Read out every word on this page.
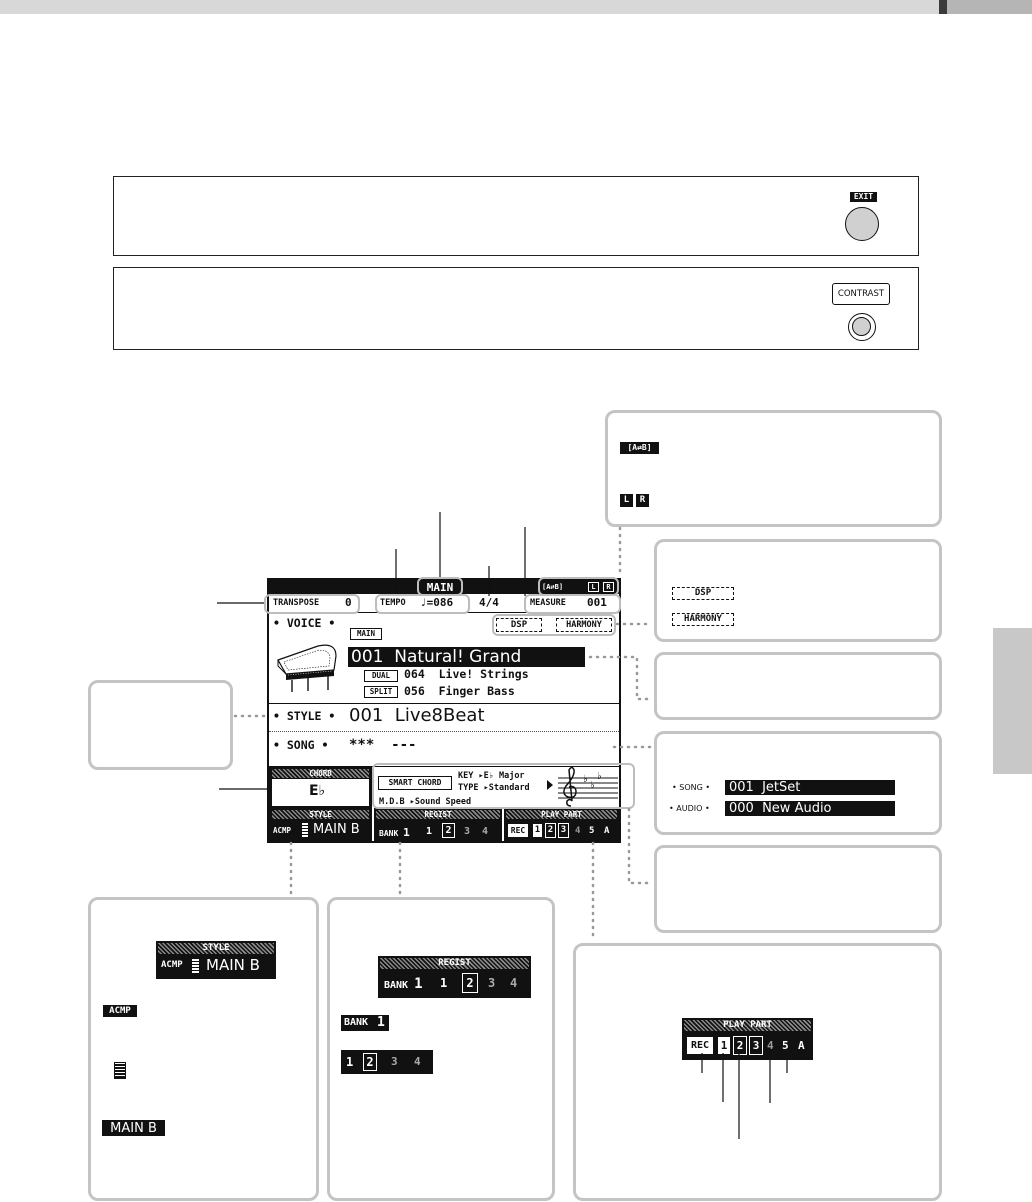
EXIT
CONTRAST
[A⇄B]
L	R
DSP
HARMONY
• SONG •	001  JetSet
• AUDIO •	000  New Audio
STYLE
ACMP MAIN B
ACMP
MAIN B
REGIST
BANK 1 1	2	3 4
BANK 1
1 2	3 4
PLAY PART
REC	1 2 3 4 5 A
MAIN	[A⇄B]	L	R
TRANSPOSE 0	TEMPO ♩=086 4/4	MEASURE 001
• VOICE •	DSP	HARMONY
MAIN
001  Natural! Grand
DUAL	064  Live! Strings
SPLIT	056  Finger Bass
• STYLE • 001  Live8Beat
• SONG • ***  ---
CHORD
E♭
SMART CHORD
KEY ▸E♭ Major
TYPE ▸Standard
M.D.B ▸Sound Speed
♭
♭
♭
STYLE
ACMP MAIN B
REGIST
BANK 1 1	2	3 4
PLAY PART
REC	1 2 3 4 5 A
